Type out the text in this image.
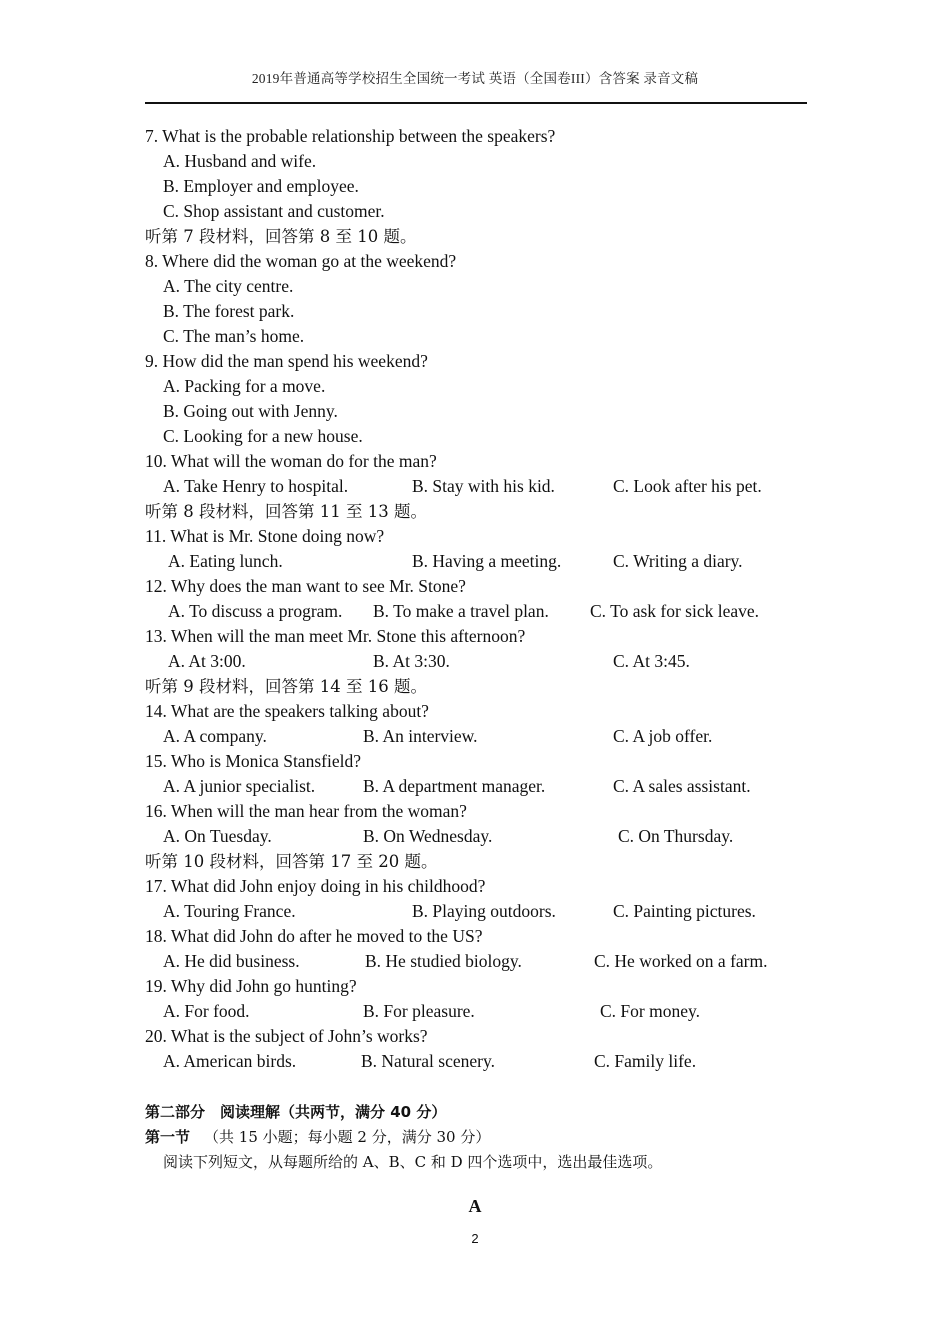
2019年普通高等学校招生全国统一考试 英语（全国卷III）含答案 录音文稿
7. What is the probable relationship between the speakers?
A. Husband and wife.
B. Employer and employee.
C. Shop assistant and customer.
听第 7 段材料，回答第 8 至 10 题。
8. Where did the woman go at the weekend?
A. The city centre.
B. The forest park.
C. The man’s home.
9. How did the man spend his weekend?
A. Packing for a move.
B. Going out with Jenny.
C. Looking for a new house.
10. What will the woman do for the man?
A. Take Henry to hospital.	B. Stay with his kid.	C. Look after his pet.
听第 8 段材料，回答第 11 至 13 题。
11. What is Mr. Stone doing now?
A. Eating lunch.	B. Having a meeting.	C. Writing a diary.
12. Why does the man want to see Mr. Stone?
A. To discuss a program. B. To make a travel plan. C. To ask for sick leave.
13. When will the man meet Mr. Stone this afternoon?
A. At 3:00.	B. At 3:30.	C. At 3:45.
听第 9 段材料，回答第 14 至 16 题。
14. What are the speakers talking about?
A. A company.	B. An interview.	C. A job offer.
15. Who is Monica Stansfield?
A. A junior specialist.	B. A department manager.	C. A sales assistant.
16. When will the man hear from the woman?
A. On Tuesday.	B. On Wednesday.	C. On Thursday.
听第 10 段材料，回答第 17 至 20 题。
17. What did John enjoy doing in his childhood?
A. Touring France.	B. Playing outdoors.	C. Painting pictures.
18. What did John do after he moved to the US?
A. He did business.	B. He studied biology.	C. He worked on a farm.
19. Why did John go hunting?
A. For food.	B. For pleasure.	C. For money.
20. What is the subject of John’s works?
A. American birds.	B. Natural scenery.	C. Family life.
第二部分　阅读理解（共两节，满分 40 分）
第一节 （共 15 小题；每小题 2 分，满分 30 分）
阅读下列短文，从每题所给的 A、B、C 和 D 四个选项中，选出最佳选项。
A
2
